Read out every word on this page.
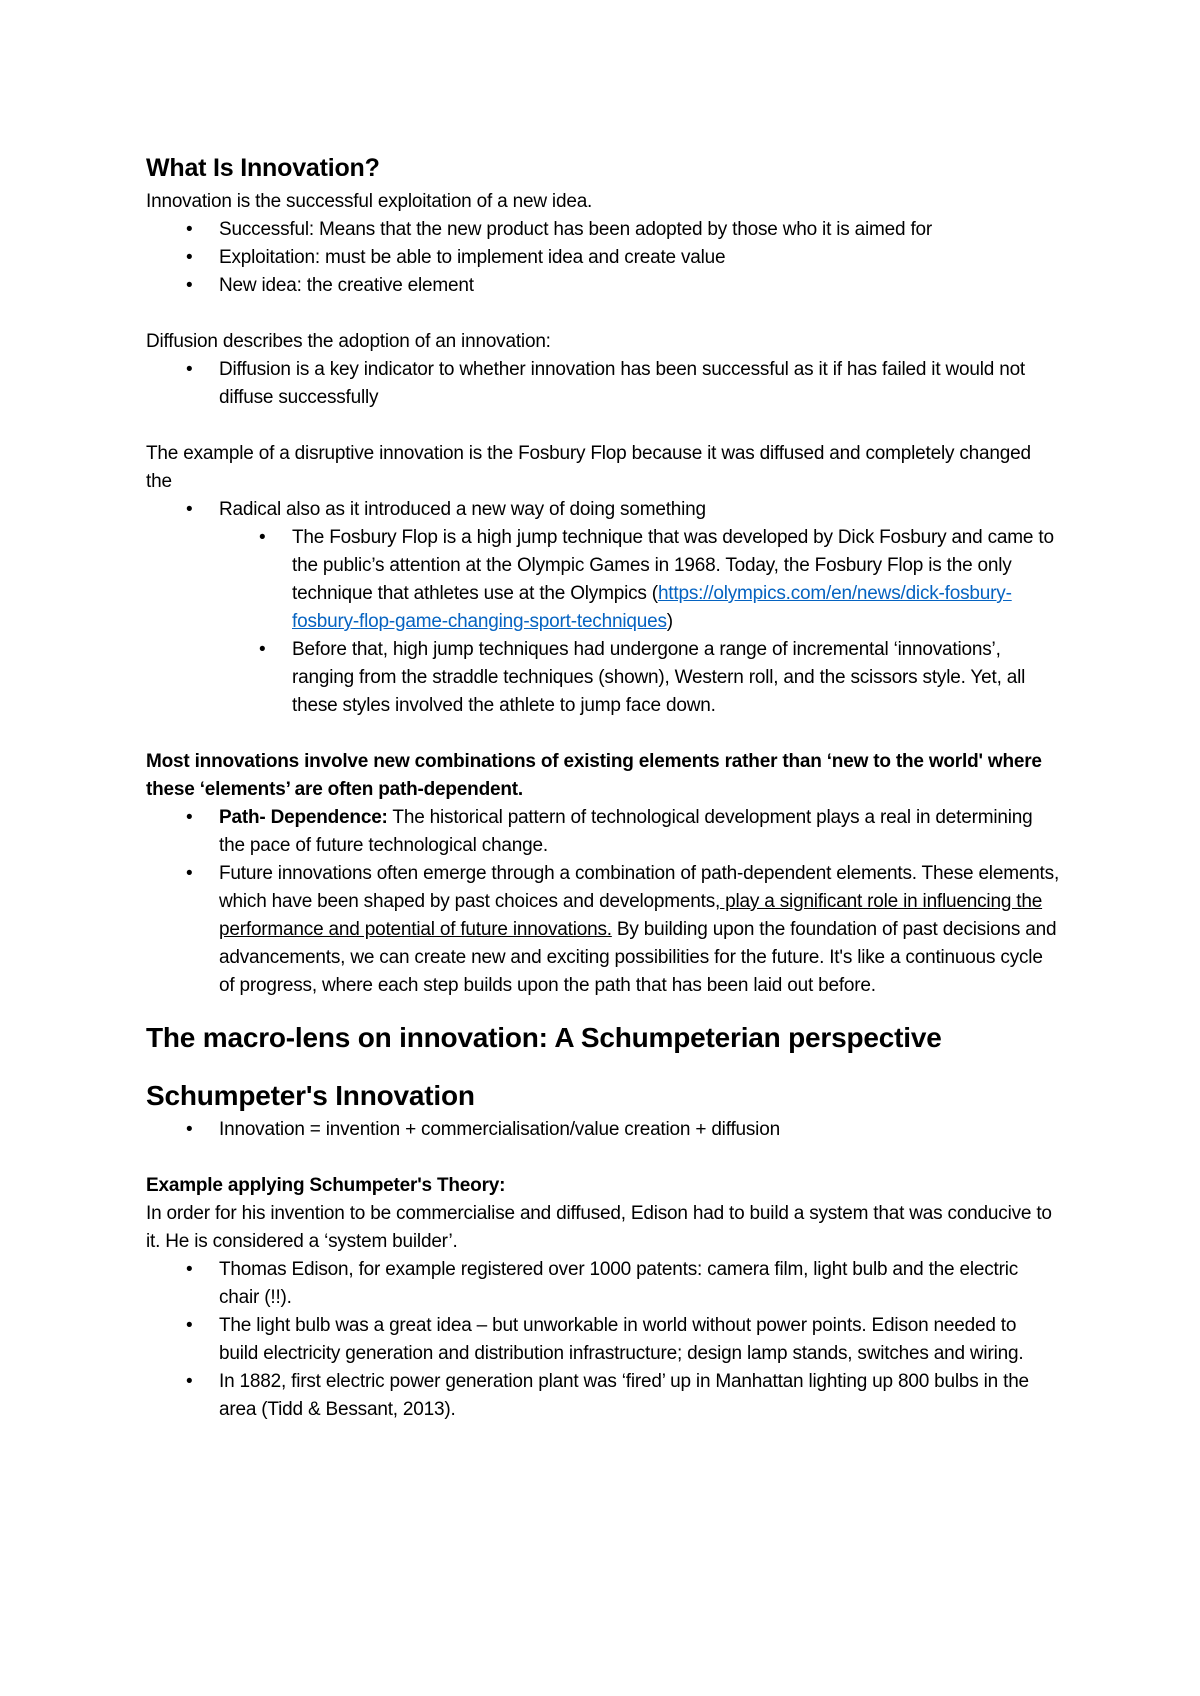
What Is Innovation?

Innovation is the successful exploitation of a new idea.

• Successful: Means that the new product has been adopted by those who it is aimed for
• Exploitation: must be able to implement idea and create value
• New idea: the creative element

Diffusion describes the adoption of an innovation:

• Diffusion is a key indicator to whether innovation has been successful as it if has failed it would not diffuse successfully

The example of a disruptive innovation is the Fosbury Flop because it was diffused and completely changed the

• Radical also as it introduced a new way of doing something
• The Fosbury Flop is a high jump technique that was developed by Dick Fosbury and came to the public’s attention at the Olympic Games in 1968. Today, the Fosbury Flop is the only technique that athletes use at the Olympics (https://olympics.com/en/news/dick-fosbury-fosbury-flop-game-changing-sport-techniques)
• Before that, high jump techniques had undergone a range of incremental ‘innovations’, ranging from the straddle techniques (shown), Western roll, and the scissors style. Yet, all these styles involved the athlete to jump face down.

Most innovations involve new combinations of existing elements rather than ‘new to the world' where these ‘elements’ are often path-dependent.

• Path- Dependence: The historical pattern of technological development plays a real in determining the pace of future technological change.
• Future innovations often emerge through a combination of path-dependent elements. These elements, which have been shaped by past choices and developments, play a significant role in influencing the performance and potential of future innovations. By building upon the foundation of past decisions and advancements, we can create new and exciting possibilities for the future. It's like a continuous cycle of progress, where each step builds upon the path that has been laid out before.
The macro-lens on innovation: A Schumpeterian perspective
Schumpeter's Innovation
• Innovation = invention + commercialisation/value creation + diffusion

Example applying Schumpeter's Theory:

In order for his invention to be commercialise and diffused, Edison had to build a system that was conducive to it. He is considered a ‘system builder’.

• Thomas Edison, for example registered over 1000 patents: camera film, light bulb and the electric chair (!!).
• The light bulb was a great idea – but unworkable in world without power points. Edison needed to build electricity generation and distribution infrastructure; design lamp stands, switches and wiring.
• In 1882, first electric power generation plant was ‘fired’ up in Manhattan lighting up 800 bulbs in the area (Tidd & Bessant, 2013).
